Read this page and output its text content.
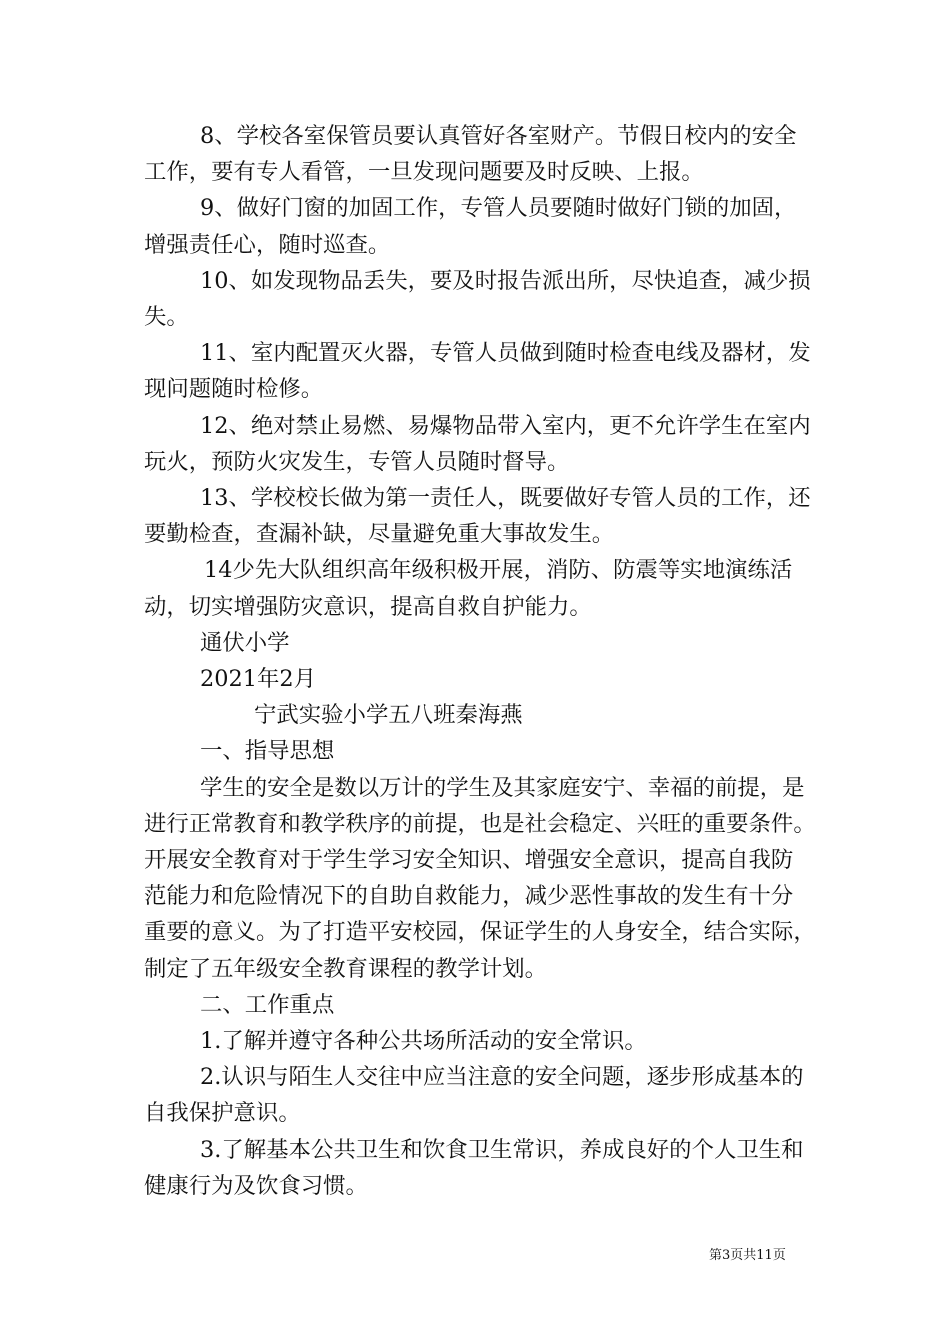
8、学校各室保管员要认真管好各室财产。节假日校内的安全

工作，要有专人看管，一旦发现问题要及时反映、上报。

9、做好门窗的加固工作，专管人员要随时做好门锁的加固，

增强责任心，随时巡查。

10、如发现物品丢失，要及时报告派出所，尽快追查，减少损

失。

11、室内配置灭火器，专管人员做到随时检查电线及器材，发

现问题随时检修。

12、绝对禁止易燃、易爆物品带入室内，更不允许学生在室内

玩火，预防火灾发生，专管人员随时督导。

13、学校校长做为第一责任人，既要做好专管人员的工作，还

要勤检查，查漏补缺，尽量避免重大事故发生。

14少先大队组织高年级积极开展，消防、防震等实地演练活

动，切实增强防灾意识，提高自救自护能力。

通伏小学

2021年2月

宁武实验小学五八班秦海燕

一、指导思想

学生的安全是数以万计的学生及其家庭安宁、幸福的前提，是

进行正常教育和教学秩序的前提，也是社会稳定、兴旺的重要条件。

开展安全教育对于学生学习安全知识、增强安全意识，提高自我防

范能力和危险情况下的自助自救能力，减少恶性事故的发生有十分

重要的意义。为了打造平安校园，保证学生的人身安全，结合实际，

制定了五年级安全教育课程的教学计划。

二、工作重点

1.了解并遵守各种公共场所活动的安全常识。

2.认识与陌生人交往中应当注意的安全问题，逐步形成基本的

自我保护意识。

3.了解基本公共卫生和饮食卫生常识，养成良好的个人卫生和

健康行为及饮食习惯。

第3页共11页
